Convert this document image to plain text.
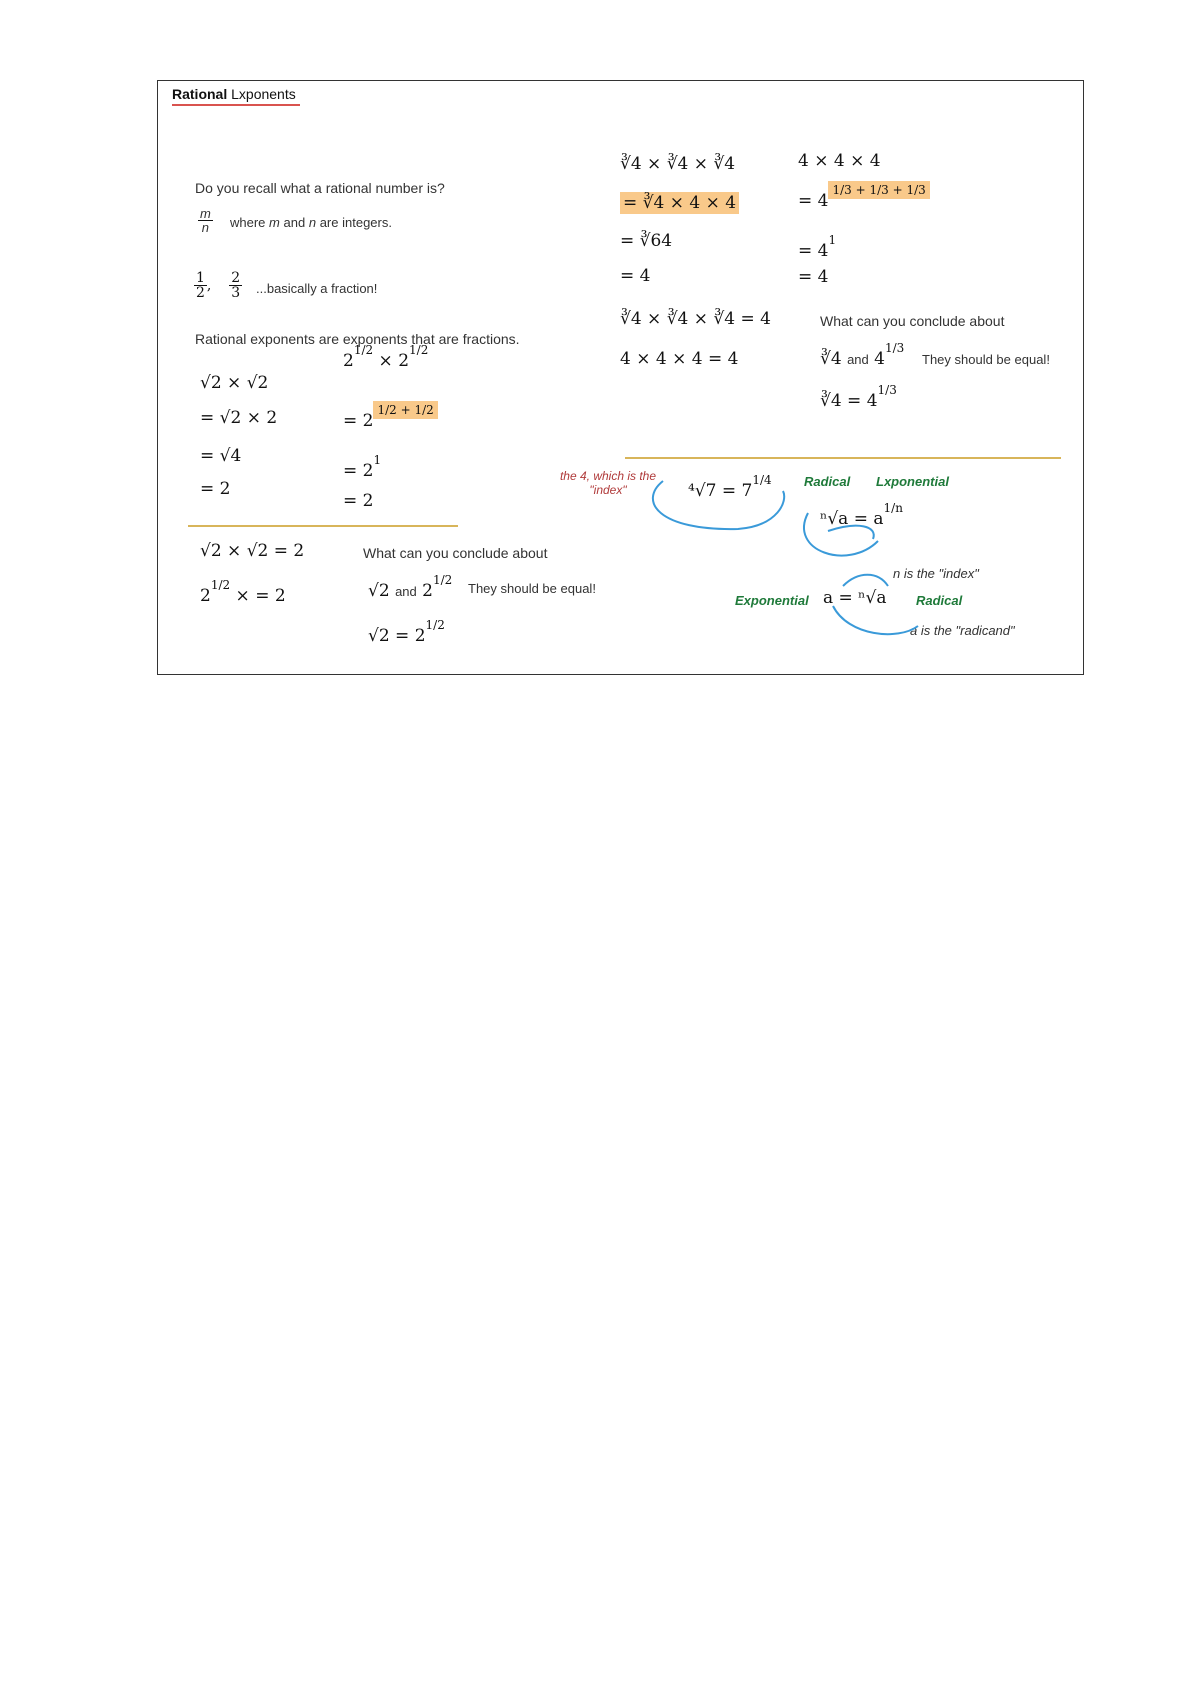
Rational Lxponents
Do you recall what a rational number is?
$\frac{m}{n}$ where m and n are integers.
$\frac{1}{2}$ , $\frac{2}{3}$ ...basically a fraction!
Rational exponents are exponents that are fractions.
√2 × √2
= √2 × 2
= √4
= 2
$2^{1/2} \times 2^{1/2}$
= $2^{1/2 + 1/2}$
= $2^1$
= 2
√2 × √2 = 2
$2^{1/2}$ × = 2
What can you conclude about
√2 and $2^{1/2}$
They should be equal!
$√2 = 2^{1/2}$
∛4 × ∛4 × ∛4
= ∛4 × 4 × 4
= ∛64
= 4
4 × 4 × 4
= $4^{1/3 + 1/3 + 1/3}$
= $4^1$
= 4
∛4 × ∛4 × ∛4 = 4
4 × 4 × 4 = 4
What can you conclude about
∛4 and $4^{1/3}$
They should be equal!
∛4 = $4^{1/3}$
the 4, which is the "index"	$^4√7 = 7^{1/4}$ Radical Lxponential
$^n√a = a^{1/n}$
n is the "index"
Exponential a = ⁿ√a Radical
a is the "radicand"
